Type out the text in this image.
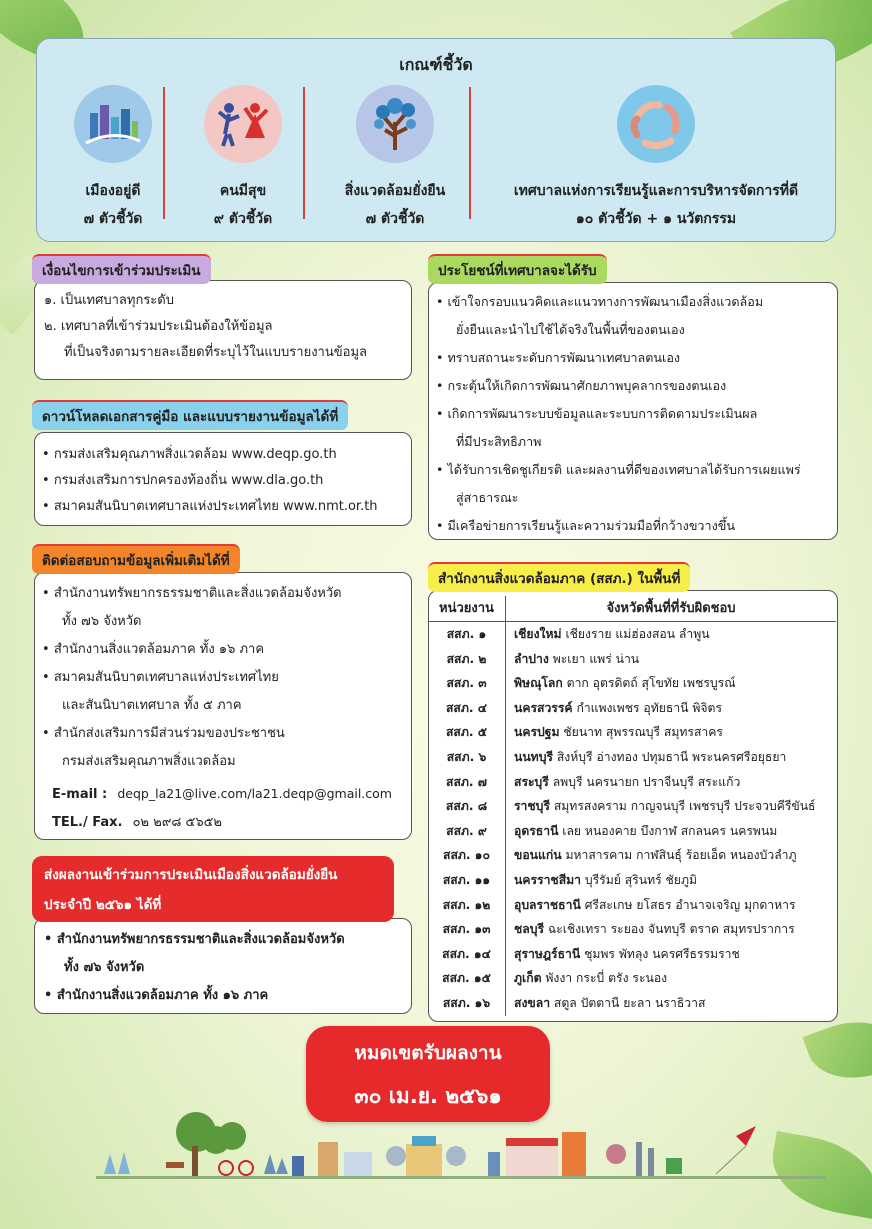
เกณฑ์ชี้วัด
เมืองอยู่ดี
๗ ตัวชี้วัด
คนมีสุข
๙ ตัวชี้วัด
สิ่งแวดล้อมยั่งยืน
๗ ตัวชี้วัด
เทศบาลแห่งการเรียนรู้และการบริหารจัดการที่ดี
๑๐ ตัวชี้วัด + ๑ นวัตกรรม
เงื่อนไขการเข้าร่วมประเมิน
๑. เป็นเทศบาลทุกระดับ
๒. เทศบาลที่เข้าร่วมประเมินต้องให้ข้อมูล
ที่เป็นจริงตามรายละเอียดที่ระบุไว้ในแบบรายงานข้อมูล
ดาวน์โหลดเอกสารคู่มือ และแบบรายงานข้อมูลได้ที่
• กรมส่งเสริมคุณภาพสิ่งแวดล้อม www.deqp.go.th
• กรมส่งเสริมการปกครองท้องถิ่น www.dla.go.th
• สมาคมสันนิบาตเทศบาลแห่งประเทศไทย www.nmt.or.th
ติดต่อสอบถามข้อมูลเพิ่มเติมได้ที่
• สำนักงานทรัพยากรธรรมชาติและสิ่งแวดล้อมจังหวัด
ทั้ง ๗๖ จังหวัด
• สำนักงานสิ่งแวดล้อมภาค ทั้ง ๑๖ ภาค
• สมาคมสันนิบาตเทศบาลแห่งประเทศไทย
และสันนิบาตเทศบาล ทั้ง ๕ ภาค
• สำนักส่งเสริมการมีส่วนร่วมของประชาชน
กรมส่งเสริมคุณภาพสิ่งแวดล้อม
E-mail : deqp_la21@live.com/la21.deqp@gmail.com
TEL./ Fax. ๐๒ ๒๙๘ ๕๖๕๒
ส่งผลงานเข้าร่วมการประเมินเมืองสิ่งแวดล้อมยั่งยืน
ประจำปี ๒๕๖๑ ได้ที่
• สำนักงานทรัพยากรธรรมชาติและสิ่งแวดล้อมจังหวัด
ทั้ง ๗๖ จังหวัด
• สำนักงานสิ่งแวดล้อมภาค ทั้ง ๑๖ ภาค
ประโยชน์ที่เทศบาลจะได้รับ
• เข้าใจกรอบแนวคิดและแนวทางการพัฒนาเมืองสิ่งแวดล้อม
ยั่งยืนและนำไปใช้ได้จริงในพื้นที่ของตนเอง
• ทราบสถานะระดับการพัฒนาเทศบาลตนเอง
• กระตุ้นให้เกิดการพัฒนาศักยภาพบุคลากรของตนเอง
• เกิดการพัฒนาระบบข้อมูลและระบบการติดตามประเมินผล
ที่มีประสิทธิภาพ
• ได้รับการเชิดชูเกียรติ และผลงานที่ดีของเทศบาลได้รับการเผยแพร่
สู่สาธารณะ
• มีเครือข่ายการเรียนรู้และความร่วมมือที่กว้างขวางขึ้น
สำนักงานสิ่งแวดล้อมภาค (สสภ.) ในพื้นที่
หน่วยงาน	จังหวัดพื้นที่ที่รับผิดชอบ
สสภ. ๑	เชียงใหม่ เชียงราย แม่ฮ่องสอน ลำพูน
สสภ. ๒	ลำปาง พะเยา แพร่ น่าน
สสภ. ๓	พิษณุโลก ตาก อุตรดิตถ์ สุโขทัย เพชรบูรณ์
สสภ. ๔	นครสวรรค์ กำแพงเพชร อุทัยธานี พิจิตร
สสภ. ๕	นครปฐม ชัยนาท สุพรรณบุรี สมุทรสาคร
สสภ. ๖	นนทบุรี สิงห์บุรี อ่างทอง ปทุมธานี พระนครศรีอยุธยา
สสภ. ๗	สระบุรี ลพบุรี นครนายก ปราจีนบุรี สระแก้ว
สสภ. ๘	ราชบุรี สมุทรสงคราม กาญจนบุรี เพชรบุรี ประจวบคีรีขันธ์
สสภ. ๙	อุดรธานี เลย หนองคาย บึงกาฬ สกลนคร นครพนม
สสภ. ๑๐	ขอนแก่น มหาสารคาม กาฬสินธุ์ ร้อยเอ็ด หนองบัวลำภู
สสภ. ๑๑	นครราชสีมา บุรีรัมย์ สุรินทร์ ชัยภูมิ
สสภ. ๑๒	อุบลราชธานี ศรีสะเกษ ยโสธร อำนาจเจริญ มุกดาหาร
สสภ. ๑๓	ชลบุรี ฉะเชิงเทรา ระยอง จันทบุรี ตราด สมุทรปราการ
สสภ. ๑๔	สุราษฎร์ธานี ชุมพร พัทลุง นครศรีธรรมราช
สสภ. ๑๕	ภูเก็ต พังงา กระบี่ ตรัง ระนอง
สสภ. ๑๖	สงขลา สตูล ปัตตานี ยะลา นราธิวาส
หมดเขตรับผลงาน
๓๐ เม.ย. ๒๕๖๑
